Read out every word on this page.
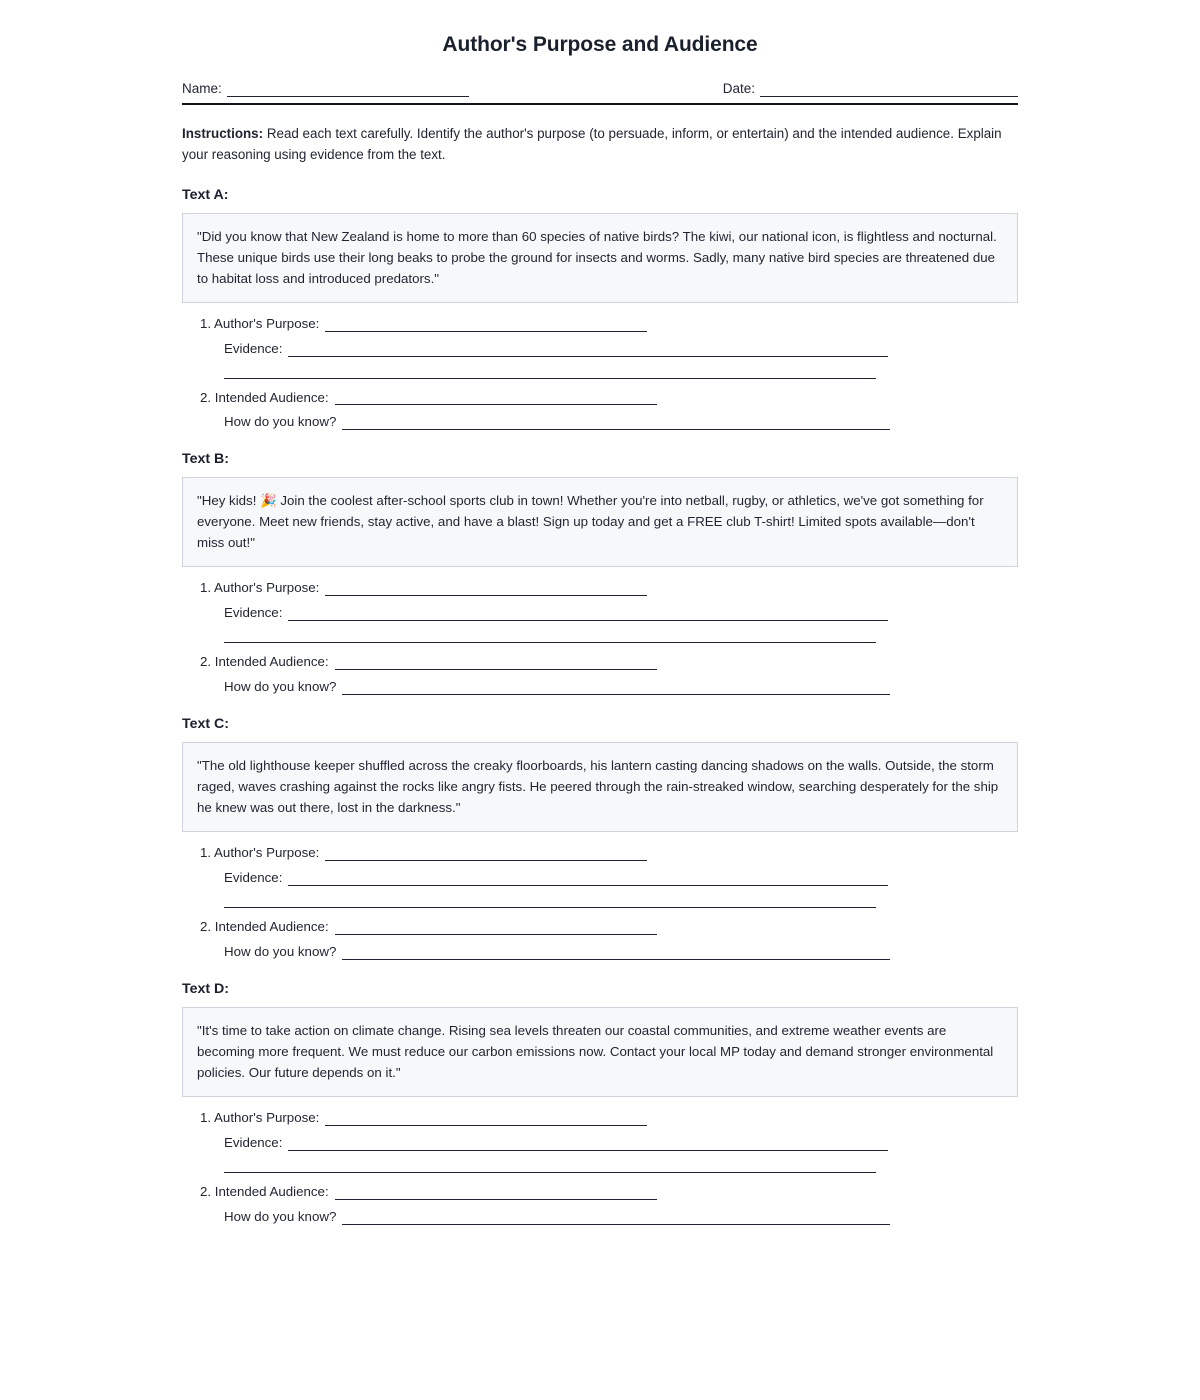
Author's Purpose and Audience
Name:	Date:

Instructions: Read each text carefully. Identify the author's purpose (to persuade, inform, or entertain) and the intended audience. Explain your reasoning using evidence from the text.

Text A:
"Did you know that New Zealand is home to more than 60 species of native birds? The kiwi, our national icon, is flightless and nocturnal. These unique birds use their long beaks to probe the ground for insects and worms. Sadly, many native bird species are threatened due to habitat loss and introduced predators."
1. Author's Purpose:
Evidence:
2. Intended Audience:
How do you know?
Text B:
"Hey kids! 🎉 Join the coolest after-school sports club in town! Whether you're into netball, rugby, or athletics, we've got something for everyone. Meet new friends, stay active, and have a blast! Sign up today and get a FREE club T-shirt! Limited spots available—don't miss out!"
1. Author's Purpose:
Evidence:
2. Intended Audience:
How do you know?
Text C:
"The old lighthouse keeper shuffled across the creaky floorboards, his lantern casting dancing shadows on the walls. Outside, the storm raged, waves crashing against the rocks like angry fists. He peered through the rain-streaked window, searching desperately for the ship he knew was out there, lost in the darkness."
1. Author's Purpose:
Evidence:
2. Intended Audience:
How do you know?
Text D:
"It's time to take action on climate change. Rising sea levels threaten our coastal communities, and extreme weather events are becoming more frequent. We must reduce our carbon emissions now. Contact your local MP today and demand stronger environmental policies. Our future depends on it."
1. Author's Purpose:
Evidence:
2. Intended Audience:
How do you know?
